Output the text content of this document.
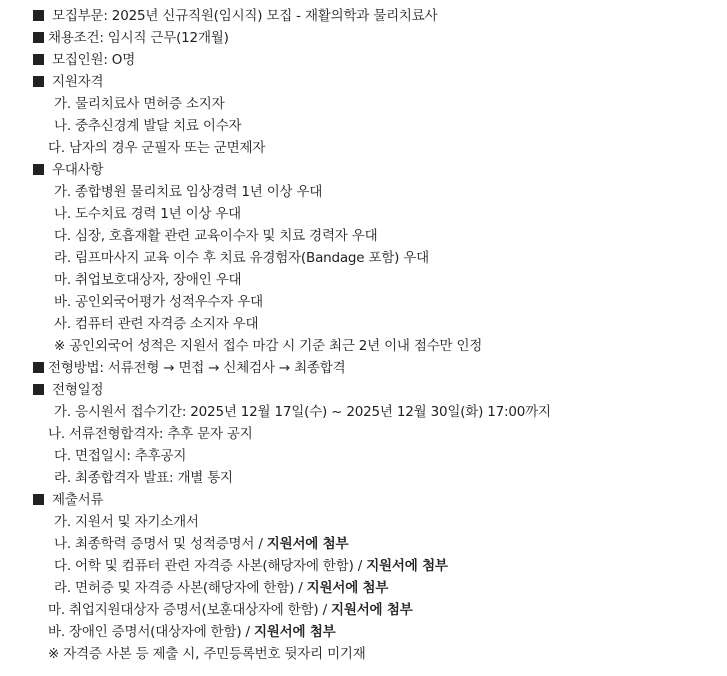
모집부문: 2025년 신규직원(임시직) 모집 - 재활의학과 물리치료사
채용조건: 임시직 근무(12개월)
모집인원: O명
지원자격
가. 물리치료사 면허증 소지자
나. 중추신경계 발달 치료 이수자
다. 남자의 경우 군필자 또는 군면제자
우대사항
가. 종합병원 물리치료 임상경력 1년 이상 우대
나. 도수치료 경력 1년 이상 우대
다. 심장, 호흡재활 관련 교육이수자 및 치료 경력자 우대
라. 림프마사지 교육 이수 후 치료 유경험자(Bandage 포함) 우대
마. 취업보호대상자, 장애인 우대
바. 공인외국어평가 성적우수자 우대
사. 컴퓨터 관련 자격증 소지자 우대
※ 공인외국어 성적은 지원서 접수 마감 시 기준 최근 2년 이내 점수만 인정
전형방법: 서류전형 → 면접 → 신체검사 → 최종합격
전형일정
가. 응시원서 접수기간: 2025년 12월 17일(수) ~ 2025년 12월 30일(화) 17:00까지
나. 서류전형합격자: 추후 문자 공지
다. 면접일시: 추후공지
라. 최종합격자 발표: 개별 통지
제출서류
가. 지원서 및 자기소개서
나. 최종학력 증명서 및 성적증명서 / 지원서에 첨부
다. 어학 및 컴퓨터 관련 자격증 사본(해당자에 한함) / 지원서에 첨부
라. 면허증 및 자격증 사본(해당자에 한함) / 지원서에 첨부
마. 취업지원대상자 증명서(보훈대상자에 한함) / 지원서에 첨부
바. 장애인 증명서(대상자에 한함) / 지원서에 첨부
※ 자격증 사본 등 제출 시, 주민등록번호 뒷자리 미기재
